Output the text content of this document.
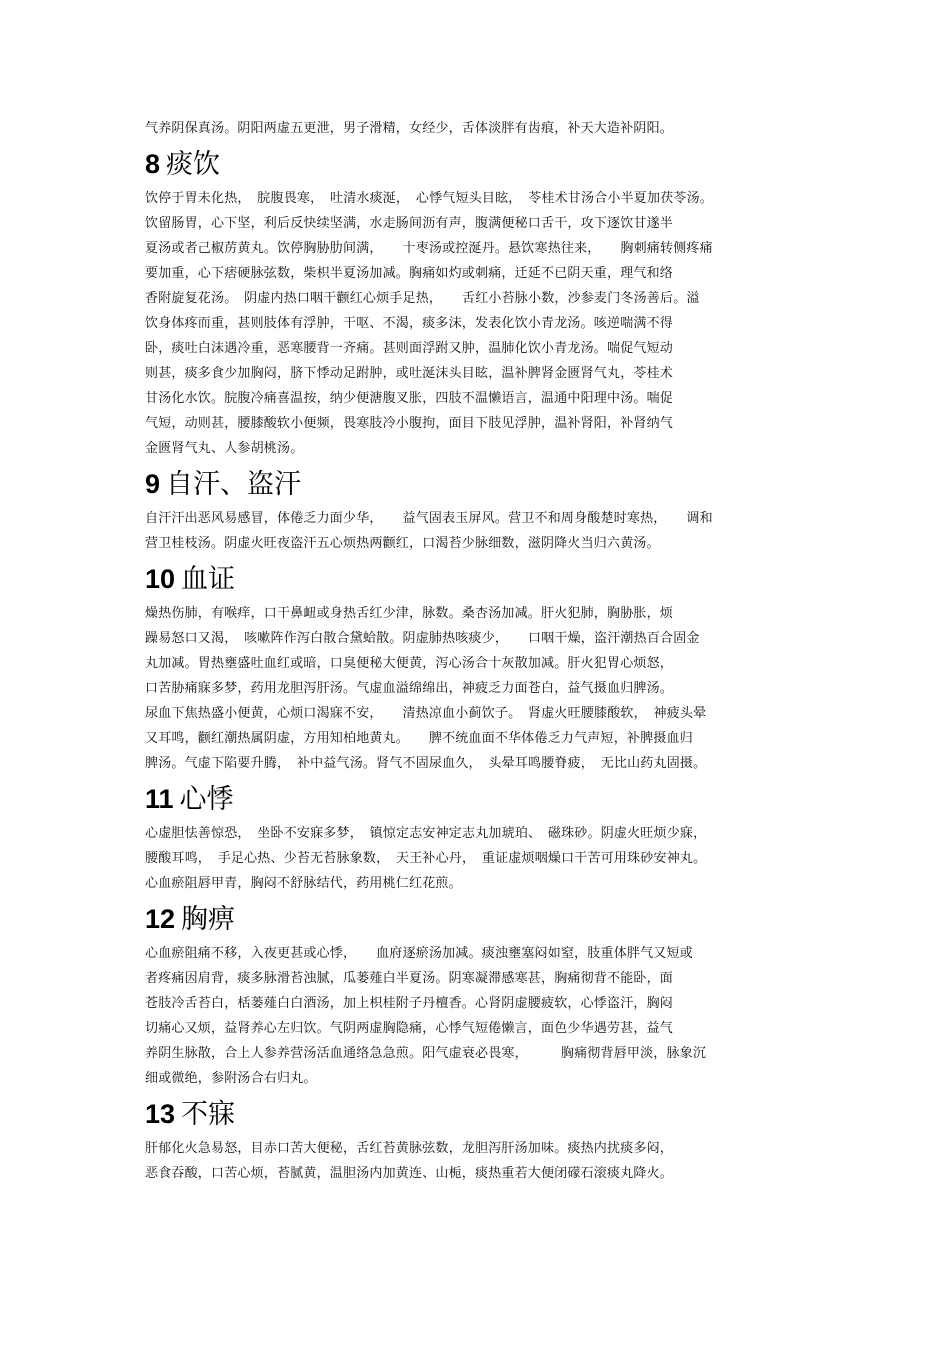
气养阴保真汤。阴阳两虚五更泄，男子滑精，女经少，舌体淡胖有齿痕，补天大造补阴阳。
8 痰饮
饮停于胃未化热，　脘腹畏寒，　吐清水痰涎，　心悸气短头目眩，　苓桂术甘汤合小半夏加茯苓汤。
饮留肠胃，心下坚，利后反快续坚满，水走肠间沥有声，腹满便秘口舌干，攻下逐饮甘遂半
夏汤或者己椒苈黄丸。饮停胸胁肋间满，　　十枣汤或控涎丹。悬饮寒热往来，　　胸刺痛转侧疼痛
要加重，心下痞硬脉弦数，柴枳半夏汤加减。胸痛如灼或刺痛，迁延不已阴天重，理气和络
香附旋复花汤。　阴虚内热口咽干颧红心烦手足热，　　舌红小苔脉小数，沙参麦门冬汤善后。溢
饮身体疼而重，甚则肢体有浮肿，干呕、不渴，痰多沫，发表化饮小青龙汤。咳逆喘满不得
卧，痰吐白沫遇冷重，恶寒腰背一齐痛。甚则面浮跗又肿，温肺化饮小青龙汤。喘促气短动
则甚，痰多食少加胸闷，脐下悸动足跗肿，或吐涎沫头目眩，温补脾肾金匮肾气丸，苓桂术
甘汤化水饮。脘腹冷痛喜温按，纳少便溏腹叉胀，四肢不温懒语言，温通中阳理中汤。喘促
气短，动则甚，腰膝酸软小便频，畏寒肢冷小腹拘，面目下肢见浮肿，温补肾阳，补肾纳气
金匮肾气丸、人参胡桃汤。
9 自汗、盗汗
自汗汗出恶风易感冒，体倦乏力面少华，　　益气固表玉屏风。营卫不和周身酸楚时寒热，　　调和
营卫桂枝汤。阴虚火旺夜盗汗五心烦热两颧红，口渴苔少脉细数，滋阴降火当归六黄汤。
10 血证
燥热伤肺，有喉痒，口干鼻衄或身热舌红少津，脉数。桑杏汤加减。肝火犯肺，胸胁胀，烦
躁易怒口又渴，　咳嗽阵作泻白散合黛蛤散。阴虚肺热咳痰少，　　口咽干燥，盗汗潮热百合固金
丸加减。胃热壅盛吐血红或暗，口臭便秘大便黄，泻心汤合十灰散加减。肝火犯胃心烦怒，
口苦胁痛寐多梦，药用龙胆泻肝汤。气虚血溢绵绵出，神疲乏力面苍白，益气摄血归脾汤。
尿血下焦热盛小便黄，心烦口渴寐不安，　　清热凉血小蓟饮子。　肾虚火旺腰膝酸软，　神疲头晕
又耳鸣，颧红潮热属阴虚，方用知柏地黄丸。　　脾不统血面不华体倦乏力气声短，补脾摄血归
脾汤。气虚下陷要升腾，　补中益气汤。肾气不固尿血久，　头晕耳鸣腰脊疲，　无比山药丸固摄。
11 心悸
心虚胆怯善惊恐，　坐卧不安寐多梦，　镇惊定志安神定志丸加琥珀、　磁珠砂。阴虚火旺烦少寐，
腰酸耳鸣，　手足心热、少苔无苔脉象数，　天王补心丹，　重证虚烦咽燥口干苦可用珠砂安神丸。
心血瘀阻唇甲青，胸闷不舒脉结代，药用桃仁红花煎。
12 胸痹
心血瘀阻痛不移，入夜更甚或心悸，　　血府逐瘀汤加减。痰浊壅塞闷如窒，肢重体胖气又短或
者疼痛因肩背，痰多脉滑苔浊腻，瓜蒌薤白半夏汤。阴寒凝滞感寒甚，胸痛彻背不能卧，面
苍肢冷舌苔白，栝蒌薤白白酒汤，加上枳桂附子丹檀香。心肾阴虚腰疲软，心悸盗汗，胸闷
切痛心又烦，益肾养心左归饮。气阴两虚胸隐痛，心悸气短倦懒言，面色少华遇劳甚，益气
养阴生脉散，合上人参养营汤活血通络急急煎。阳气虚衰必畏寒，　　　胸痛彻背唇甲淡，脉象沉
细或微绝，参附汤合右归丸。
13 不寐
肝郁化火急易怒，目赤口苦大便秘，舌红苔黄脉弦数，龙胆泻肝汤加味。痰热内扰痰多闷，
恶食吞酸，口苦心烦，苔腻黄，温胆汤内加黄连、山栀，痰热重若大便闭礞石滚痰丸降火。
